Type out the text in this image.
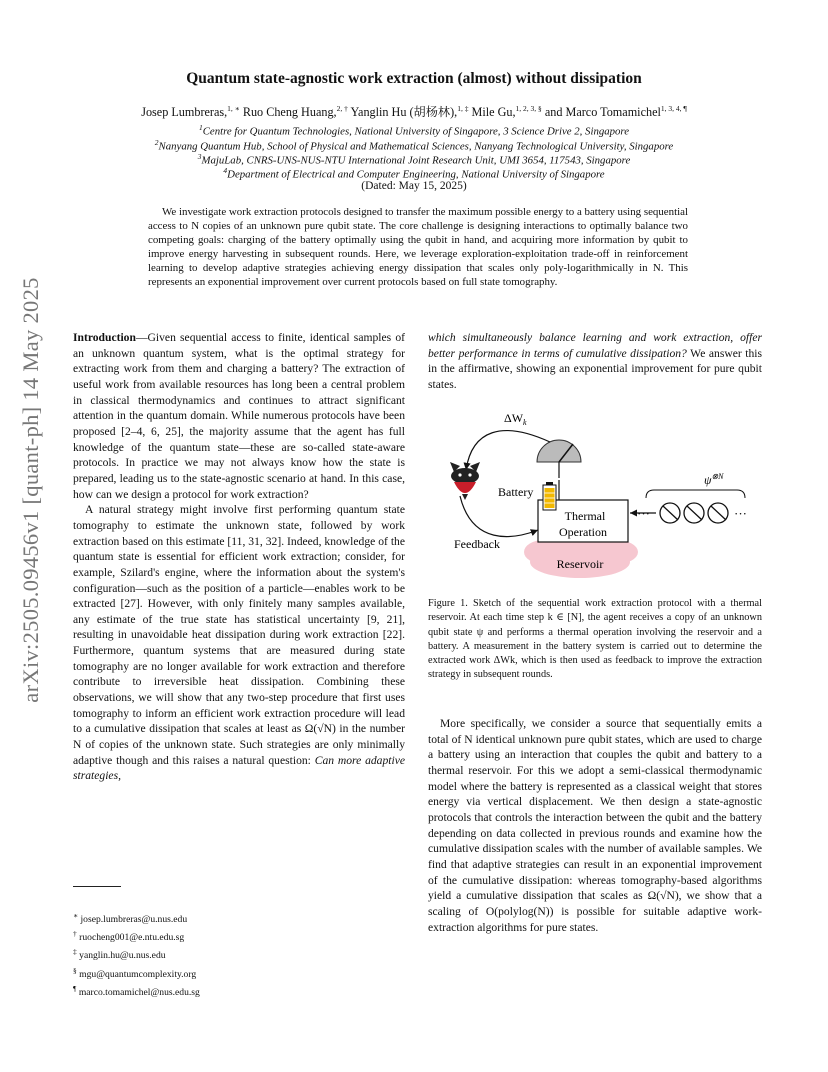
arXiv:2505.09456v1 [quant-ph] 14 May 2025
Quantum state-agnostic work extraction (almost) without dissipation
Josep Lumbreras,$^{1, ∗}$ Ruo Cheng Huang,$^{2, \dagger}$ Yanglin Hu (胡杨林),$^{1, \ddagger}$ Mile Gu,$^{1, 2, 3, \S}$ and Marco Tomamichel$^{1, 3, 4, \P}$
$^1$Centre for Quantum Technologies, National University of Singapore, 3 Science Drive 2, Singapore
$^2$Nanyang Quantum Hub, School of Physical and Mathematical Sciences, Nanyang Technological University, Singapore
$^3$MajuLab, CNRS-UNS-NUS-NTU International Joint Research Unit, UMI 3654, 117543, Singapore
$^4$Department of Electrical and Computer Engineering, National University of Singapore
(Dated: May 15, 2025)
We investigate work extraction protocols designed to transfer the maximum possible energy to a battery using sequential access to N copies of an unknown pure qubit state. The core challenge is designing interactions to optimally balance two competing goals: charging of the battery optimally using the qubit in hand, and acquiring more information by qubit to improve energy harvesting in subsequent rounds. Here, we leverage exploration-exploitation trade-off in reinforcement learning to develop adaptive strategies achieving energy dissipation that scales only poly-logarithmically in N. This represents an exponential improvement over current protocols based on full state tomography.

Introduction—Given sequential access to finite, identical samples of an unknown quantum system, what is the optimal strategy for extracting work from them and charging a battery? The extraction of useful work from available resources has long been a central problem in classical thermodynamics and continues to attract significant attention in the quantum domain. While numerous protocols have been proposed [2–4, 6, 25], the majority assume that the agent has full knowledge of the quantum state—these are so-called state-aware protocols. In practice we may not always know how the state is prepared, leading us to the state-agnostic scenario at hand. In this case, how can we design a protocol for work extraction?

A natural strategy might involve first performing quantum state tomography to estimate the unknown state, followed by work extraction based on this estimate [11, 31, 32]. Indeed, knowledge of the quantum state is essential for efficient work extraction; consider, for example, Szilard's engine, where the information about the system's configuration—such as the position of a particle—enables work to be extracted [27]. However, with only finitely many samples available, any estimate of the true state has statistical uncertainty [9, 21], resulting in unavoidable heat dissipation during work extraction [22]. Furthermore, quantum systems that are measured during state tomography are no longer available for work extraction and therefore contribute to irreversible heat dissipation. Combining these observations, we will show that any two-step procedure that first uses tomography to inform an efficient work extraction procedure will lead to a cumulative dissipation that scales at least as Ω(√N) in the number N of copies of the unknown state. Such strategies are only minimally adaptive though and this raises a natural question: Can more adaptive strategies,

which simultaneously balance learning and work extraction, offer better performance in terms of cumulative dissipation? We answer this in the affirmative, showing an exponential improvement for pure qubit states.

Reservoir
Thermal
Operation
Battery
$\Delta W_k$
Feedback
$\psi^{\otimes N}$
···	···
Figure 1. Sketch of the sequential work extraction protocol with a thermal reservoir. At each time step k ∈ [N], the agent receives a copy of an unknown qubit state ψ and performs a thermal operation involving the reservoir and a battery. A measurement in the battery system is carried out to determine the extracted work ΔWk, which is then used as feedback to improve the extraction strategy in subsequent rounds.

More specifically, we consider a source that sequentially emits a total of N identical unknown pure qubit states, which are used to charge a battery using an interaction that couples the qubit and battery to a thermal reservoir. For this we adopt a semi-classical thermodynamic model where the battery is represented as a classical weight that stores energy via vertical displacement. We then design a state-agnostic protocols that controls the interaction between the qubit and the battery depending on data collected in previous rounds and examine how the cumulative dissipation scales with the number of available samples. We find that adaptive strategies can result in an exponential improvement of the cumulative dissipation: whereas tomography-based algorithms yield a cumulative dissipation that scales as Ω(√N), we show that a scaling of O(polylog(N)) is possible for suitable adaptive work-extraction algorithms for pure states.

∗ josep.lumbreras@u.nus.edu
† ruocheng001@e.ntu.edu.sg
‡ yanglin.hu@u.nus.edu
§ mgu@quantumcomplexity.org
¶ marco.tomamichel@nus.edu.sg
